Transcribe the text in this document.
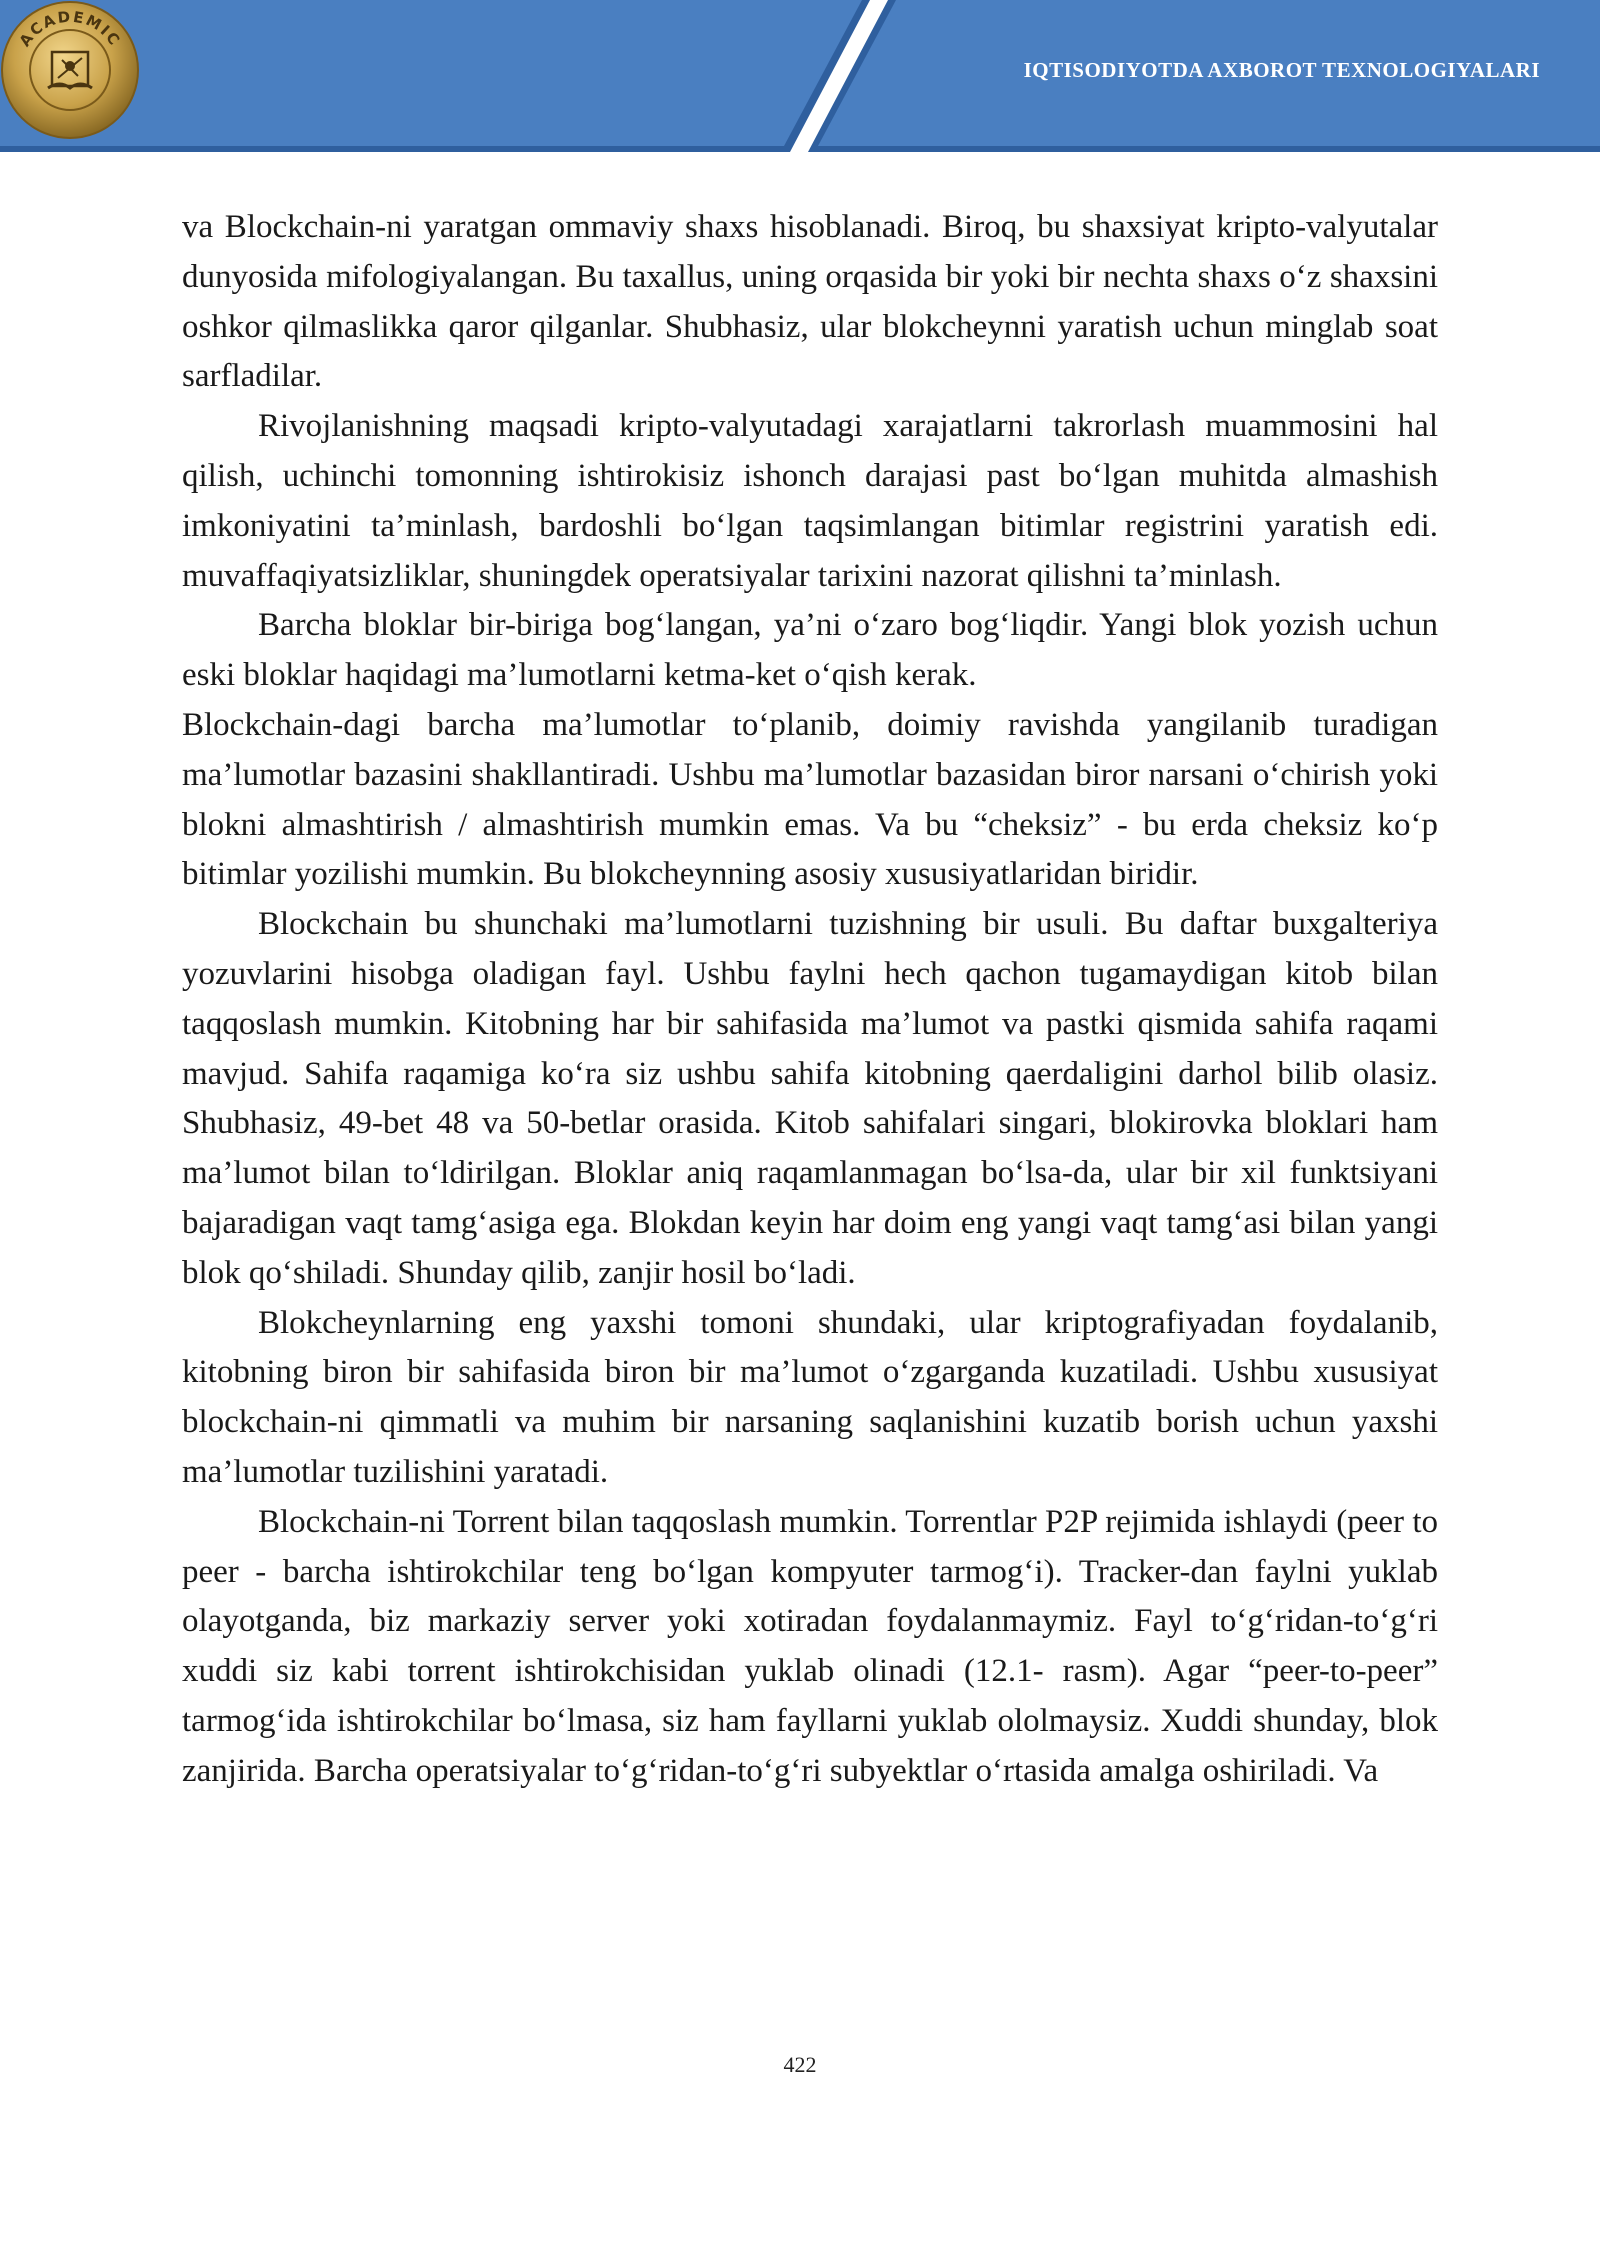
ACADEMIC
IQTISODIYOTDA AXBOROT TEXNOLOGIYALARI

va Blockchain-ni yaratgan ommaviy shaxs hisoblanadi. Biroq, bu shaxsiyat kripto-valyutalar dunyosida mifologiyalangan. Bu taxallus, uning orqasida bir yoki bir nechta shaxs o‘z shaxsini oshkor qilmaslikka qaror qilganlar. Shubhasiz, ular blokcheynni yaratish uchun minglab soat sarfladilar.

Rivojlanishning maqsadi kripto-valyutadagi xarajatlarni takrorlash muammosini hal qilish, uchinchi tomonning ishtirokisiz ishonch darajasi past bo‘lgan muhitda almashish imkoniyatini ta’minlash, bardoshli bo‘lgan taqsimlangan bitimlar registrini yaratish edi. muvaffaqiyatsizliklar, shuningdek operatsiyalar tarixini nazorat qilishni ta’minlash.

Barcha bloklar bir-biriga bog‘langan, ya’ni o‘zaro bog‘liqdir. Yangi blok yozish uchun eski bloklar haqidagi ma’lumotlarni ketma-ket o‘qish kerak.

Blockchain-dagi barcha ma’lumotlar to‘planib, doimiy ravishda yangilanib turadigan ma’lumotlar bazasini shakllantiradi. Ushbu ma’lumotlar bazasidan biror narsani o‘chirish yoki blokni almashtirish / almashtirish mumkin emas. Va bu “cheksiz” - bu erda cheksiz ko‘p bitimlar yozilishi mumkin. Bu blokcheynning asosiy xususiyatlaridan biridir.

Blockchain bu shunchaki ma’lumotlarni tuzishning bir usuli. Bu daftar buxgalteriya yozuvlarini hisobga oladigan fayl. Ushbu faylni hech qachon tugamaydigan kitob bilan taqqoslash mumkin. Kitobning har bir sahifasida ma’lumot va pastki qismida sahifa raqami mavjud. Sahifa raqamiga ko‘ra siz ushbu sahifa kitobning qaerdaligini darhol bilib olasiz. Shubhasiz, 49-bet 48 va 50-betlar orasida. Kitob sahifalari singari, blokirovka bloklari ham ma’lumot bilan to‘ldirilgan. Bloklar aniq raqamlanmagan bo‘lsa-da, ular bir xil funktsiyani bajaradigan vaqt tamg‘asiga ega. Blokdan keyin har doim eng yangi vaqt tamg‘asi bilan yangi blok qo‘shiladi. Shunday qilib, zanjir hosil bo‘ladi.

Blokcheynlarning eng yaxshi tomoni shundaki, ular kriptografiyadan foydalanib, kitobning biron bir sahifasida biron bir ma’lumot o‘zgarganda kuzatiladi. Ushbu xususiyat blockchain-ni qimmatli va muhim bir narsaning saqlanishini kuzatib borish uchun yaxshi ma’lumotlar tuzilishini yaratadi.

Blockchain-ni Torrent bilan taqqoslash mumkin. Torrentlar P2P rejimida ishlaydi (peer to peer - barcha ishtirokchilar teng bo‘lgan kompyuter tarmog‘i). Tracker-dan faylni yuklab olayotganda, biz markaziy server yoki xotiradan foydalanmaymiz. Fayl to‘g‘ridan-to‘g‘ri xuddi siz kabi torrent ishtirokchisidan yuklab olinadi (12.1- rasm). Agar “peer-to-peer” tarmog‘ida ishtirokchilar bo‘lmasa, siz ham fayllarni yuklab ololmaysiz. Xuddi shunday, blok zanjirida. Barcha operatsiyalar to‘g‘ridan-to‘g‘ri subyektlar o‘rtasida amalga oshiriladi. Va

422
